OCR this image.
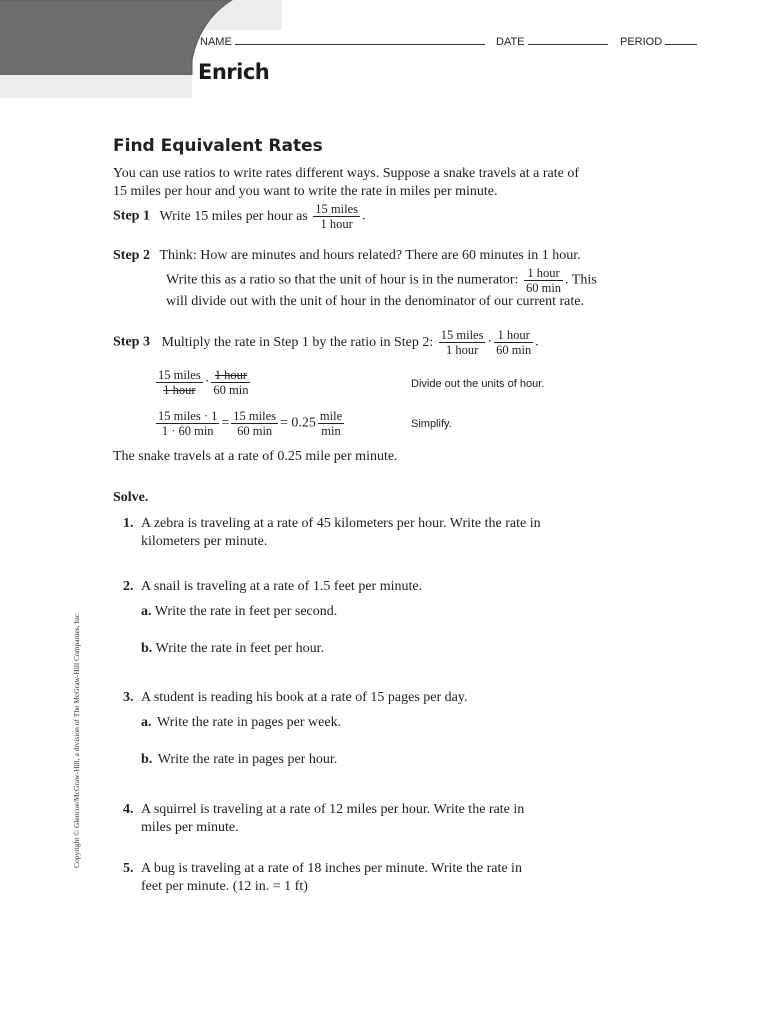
NAME	DATE	PERIOD
Enrich
Find Equivalent Rates
You can use ratios to write rates different ways. Suppose a snake travels at a rate of
15 miles per hour and you want to write the rate in miles per minute.
Step 1 Write 15 miles per hour as $\frac{\text{15 miles}}{\text{1 hour}}$ .
Step 2 Think: How are minutes and hours related? There are 60 minutes in 1 hour.
Write this as a ratio so that the unit of hour is in the numerator: $\frac{\text{1 hour}}{60 \min}$ . This
will divide out with the unit of hour in the denominator of our current rate.
Step 3 Multiply the rate in Step 1 by the ratio in Step 2: $\frac{\text{15 miles}}{\text{1 hour}} \cdot \frac{\text{1 hour}}{60 \min}$ .
$\frac{\text{15 miles}}{\text{1 hour}} \cdot \frac{\text{1 hour}}{60 \min}$	Divide out the units of hour.
$\frac{\text{15 miles · 1}}{1 \cdot 60 \min} = \frac{\text{15 miles}}{60 \min} = 0.25 \frac{\text{mile}}{\min}$	Simplify.
The snake travels at a rate of 0.25 mile per minute.
Solve.
1. A zebra is traveling at a rate of 45 kilometers per hour. Write the rate in
kilometers per minute.
2. A snail is traveling at a rate of 1.5 feet per minute.
a. Write the rate in feet per second.
b. Write the rate in feet per hour.
3. A student is reading his book at a rate of 15 pages per day.
a. Write the rate in pages per week.
b. Write the rate in pages per hour.
4. A squirrel is traveling at a rate of 12 miles per hour. Write the rate in
miles per minute.
5. A bug is traveling at a rate of 18 inches per minute. Write the rate in
feet per minute. (12 in. = 1 ft)
Copyright © Glencoe/McGraw-Hill, a division of The McGraw-Hill Companies, Inc.
